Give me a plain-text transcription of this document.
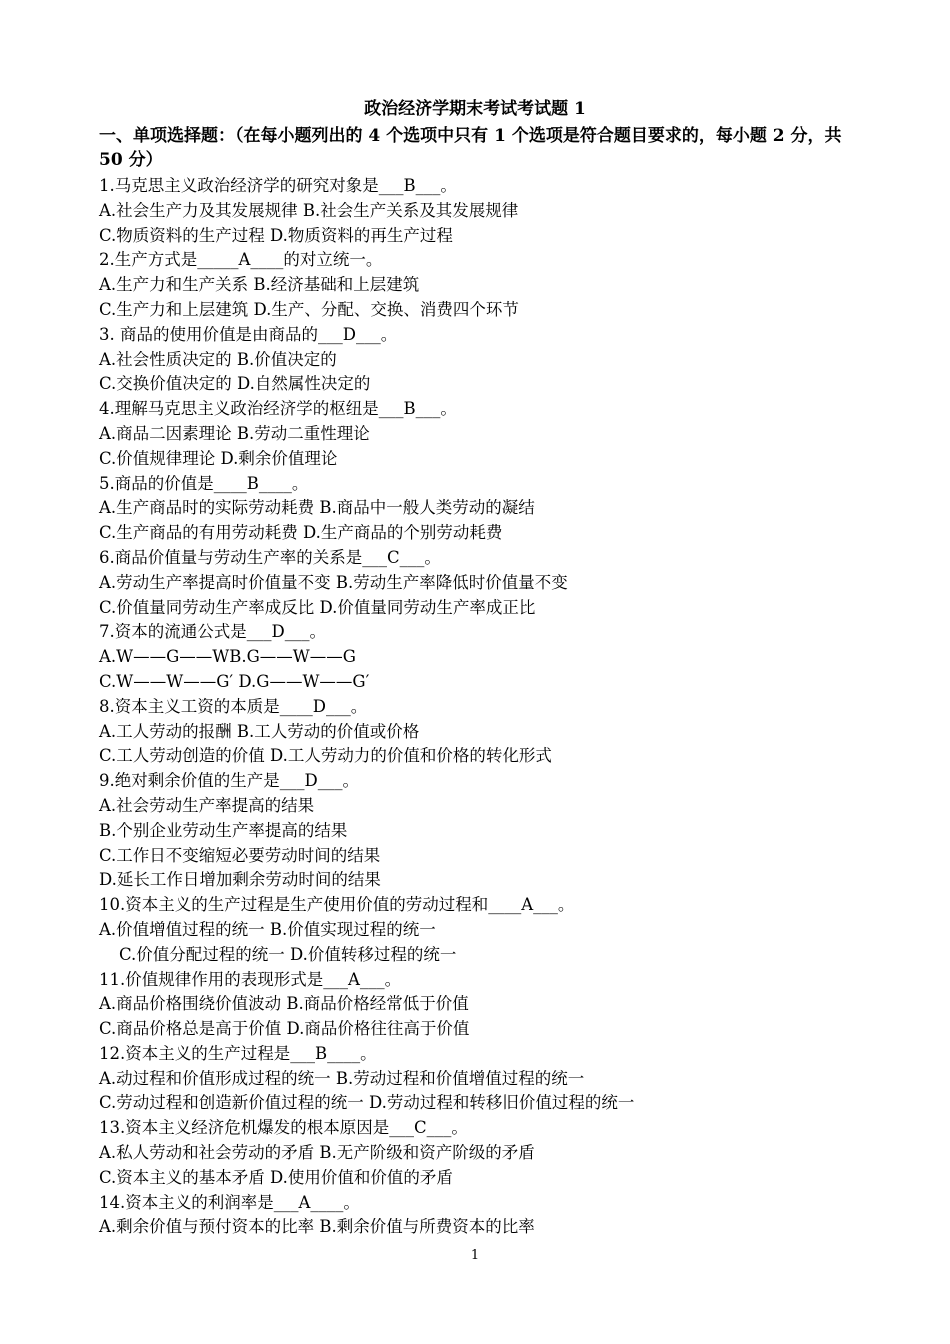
政治经济学期末考试考试题 1
一、单项选择题：（在每小题列出的 4 个选项中只有 1 个选项是符合题目要求的，每小题 2 分，共 50 分）
1.马克思主义政治经济学的研究对象是___B___。
A.社会生产力及其发展规律 B.社会生产关系及其发展规律
C.物质资料的生产过程 D.物质资料的再生产过程
2.生产方式是_____A____的对立统一。
A.生产力和生产关系 B.经济基础和上层建筑
C.生产力和上层建筑 D.生产、分配、交换、消费四个环节
3. 商品的使用价值是由商品的___D___。
A.社会性质决定的 B.价值决定的
C.交换价值决定的 D.自然属性决定的
4.理解马克思主义政治经济学的枢纽是___B___。
A.商品二因素理论 B.劳动二重性理论
C.价值规律理论 D.剩余价值理论
5.商品的价值是____B____。
A.生产商品时的实际劳动耗费 B.商品中一般人类劳动的凝结
C.生产商品的有用劳动耗费 D.生产商品的个别劳动耗费
6.商品价值量与劳动生产率的关系是___C___。
A.劳动生产率提高时价值量不变 B.劳动生产率降低时价值量不变
C.价值量同劳动生产率成反比 D.价值量同劳动生产率成正比
7.资本的流通公式是___D___。
A.W——G——WB.G——W——G
C.W——W——G′ D.G——W——G′
8.资本主义工资的本质是____D___。
A.工人劳动的报酬 B.工人劳动的价值或价格
C.工人劳动创造的价值 D.工人劳动力的价值和价格的转化形式
9.绝对剩余价值的生产是___D___。
A.社会劳动生产率提高的结果
B.个别企业劳动生产率提高的结果
C.工作日不变缩短必要劳动时间的结果
D.延长工作日增加剩余劳动时间的结果
10.资本主义的生产过程是生产使用价值的劳动过程和____A___。
A.价值增值过程的统一 B.价值实现过程的统一
C.价值分配过程的统一 D.价值转移过程的统一
11.价值规律作用的表现形式是___A___。
A.商品价格围绕价值波动 B.商品价格经常低于价值
C.商品价格总是高于价值 D.商品价格往往高于价值
12.资本主义的生产过程是___B____。
A.动过程和价值形成过程的统一 B.劳动过程和价值增值过程的统一
C.劳动过程和创造新价值过程的统一 D.劳动过程和转移旧价值过程的统一
13.资本主义经济危机爆发的根本原因是___C___。
A.私人劳动和社会劳动的矛盾 B.无产阶级和资产阶级的矛盾
C.资本主义的基本矛盾 D.使用价值和价值的矛盾
14.资本主义的利润率是___A____。
A.剩余价值与预付资本的比率 B.剩余价值与所费资本的比率
1
